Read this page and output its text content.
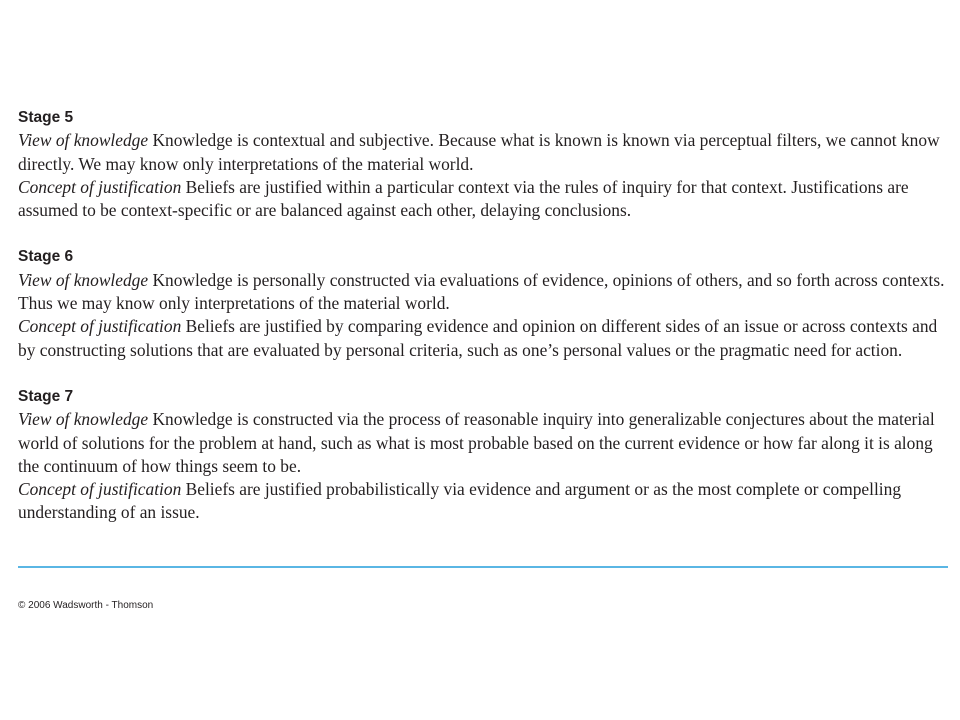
Stage 5
View of knowledge Knowledge is contextual and subjective. Because what is known is known via perceptual filters, we cannot know directly. We may know only interpretations of the material world.
Concept of justification Beliefs are justified within a particular context via the rules of inquiry for that context. Justifications are assumed to be context-specific or are balanced against each other, delaying conclusions.
Stage 6
View of knowledge Knowledge is personally constructed via evaluations of evidence, opinions of others, and so forth across contexts. Thus we may know only interpretations of the material world.
Concept of justification Beliefs are justified by comparing evidence and opinion on different sides of an issue or across contexts and by constructing solutions that are evaluated by personal criteria, such as one’s personal values or the pragmatic need for action.
Stage 7
View of knowledge Knowledge is constructed via the process of reasonable inquiry into generalizable conjectures about the material world of solutions for the problem at hand, such as what is most probable based on the current evidence or how far along it is along the continuum of how things seem to be.
Concept of justification Beliefs are justified probabilistically via evidence and argument or as the most complete or compelling understanding of an issue.
© 2006 Wadsworth - Thomson
